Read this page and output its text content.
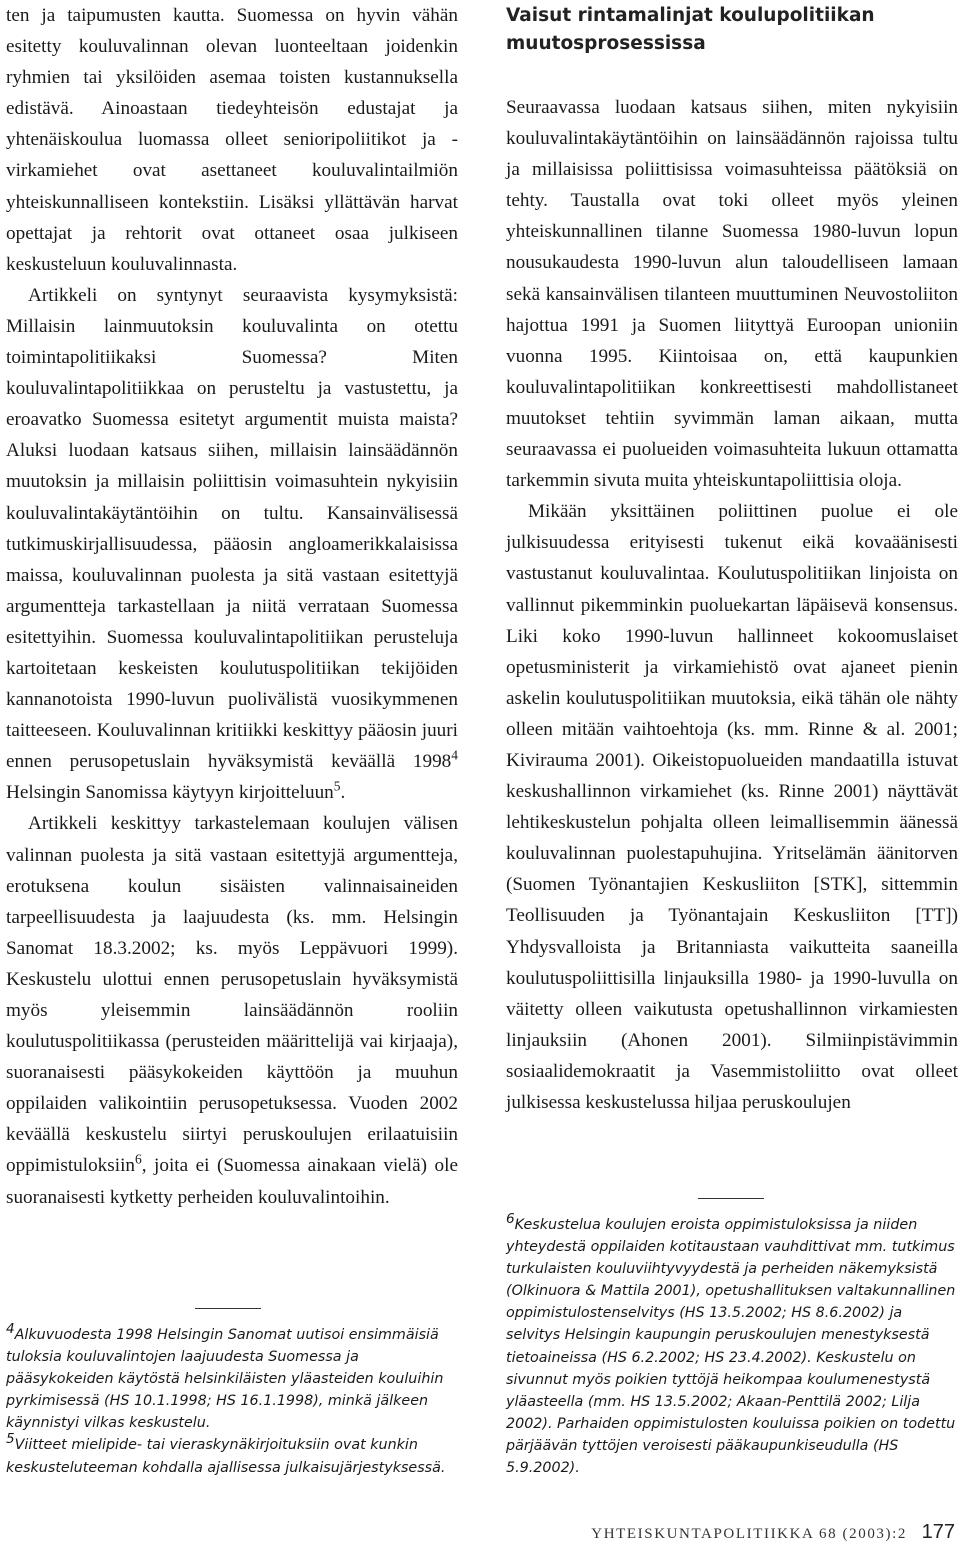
ten ja taipumusten kautta. Suomessa on hyvin vähän esitetty kouluvalinnan olevan luonteeltaan joidenkin ryhmien tai yksilöiden asemaa toisten kustannuksella edistävä. Ainoastaan tiedeyhteisön edustajat ja yhtenäiskoulua luomassa olleet senioripoliitikot ja -virkamiehet ovat asettaneet kouluvalintailmiön yhteiskunnalliseen kontekstiin. Lisäksi yllättävän harvat opettajat ja rehtorit ovat ottaneet osaa julkiseen keskusteluun kouluvalinnasta.

Artikkeli on syntynyt seuraavista kysymyksistä: Millaisin lainmuutoksin kouluvalinta on otettu toimintapolitiikaksi Suomessa? Miten kouluvalintapolitiikkaa on perusteltu ja vastustettu, ja eroavatko Suomessa esitetyt argumentit muista maista? Aluksi luodaan katsaus siihen, millaisin lainsäädännön muutoksin ja millaisin poliittisin voimasuhtein nykyisiin kouluvalintakäytäntöihin on tultu. Kansainvälisessä tutkimuskirjallisuudessa, pääosin angloamerikkalaisissa maissa, kouluvalinnan puolesta ja sitä vastaan esitettyjä argumentteja tarkastellaan ja niitä verrataan Suomessa esitettyihin. Suomessa kouluvalintapolitiikan perusteluja kartoitetaan keskeisten koulutuspolitiikan tekijöiden kannanotoista 1990-luvun puolivälistä vuosikymmenen taitteeseen. Kouluvalinnan kritiikki keskittyy pääosin juuri ennen perusopetuslain hyväksymistä keväällä 1998$^4$ Helsingin Sanomissa käytyyn kirjoitteluun$^5$.

Artikkeli keskittyy tarkastelemaan koulujen välisen valinnan puolesta ja sitä vastaan esitettyjä argumentteja, erotuksena koulun sisäisten valinnaisaineiden tarpeellisuudesta ja laajuudesta (ks. mm. Helsingin Sanomat 18.3.2002; ks. myös Leppävuori 1999). Keskustelu ulottui ennen perusopetuslain hyväksymistä myös yleisemmin lainsäädännön rooliin koulutuspolitiikassa (perusteiden määrittelijä vai kirjaaja), suoranaisesti pääsykokeiden käyttöön ja muuhun oppilaiden valikointiin perusopetuksessa. Vuoden 2002 keväällä keskustelu siirtyi peruskoulujen erilaatuisiin oppimistuloksiin$^6$, joita ei (Suomessa ainakaan vielä) ole suoranaisesti kytketty perheiden kouluvalintoihin.

4Alkuvuodesta 1998 Helsingin Sanomat uutisoi ensimmäisiä tuloksia kouluvalintojen laajuudesta Suomessa ja pääsykokeiden käytöstä helsinkiläisten yläasteiden kouluihin pyrkimisessä (HS 10.1.1998; HS 16.1.1998), minkä jälkeen käynnistyi vilkas keskustelu.

5Viitteet mielipide- tai vieraskynäkirjoituksiin ovat kunkin keskusteluteeman kohdalla ajallisessa julkaisujärjestyksessä.

Vaisut rintamalinjat koulupolitiikan muutosprosessissa

Seuraavassa luodaan katsaus siihen, miten nykyisiin kouluvalintakäytäntöihin on lainsäädännön rajoissa tultu ja millaisissa poliittisissa voimasuhteissa päätöksiä on tehty. Taustalla ovat toki olleet myös yleinen yhteiskunnallinen tilanne Suomessa 1980-luvun lopun nousukaudesta 1990-luvun alun taloudelliseen lamaan sekä kansainvälisen tilanteen muuttuminen Neuvostoliiton hajottua 1991 ja Suomen liityttyä Euroopan unioniin vuonna 1995. Kiintoisaa on, että kaupunkien kouluvalintapolitiikan konkreettisesti mahdollistaneet muutokset tehtiin syvimmän laman aikaan, mutta seuraavassa ei puolueiden voimasuhteita lukuun ottamatta tarkemmin sivuta muita yhteiskuntapoliittisia oloja.

Mikään yksittäinen poliittinen puolue ei ole julkisuudessa erityisesti tukenut eikä kovaäänisesti vastustanut kouluvalintaa. Koulutuspolitiikan linjoista on vallinnut pikemminkin puoluekartan läpäisevä konsensus. Liki koko 1990-luvun hallinneet kokoomuslaiset opetusministerit ja virkamiehistö ovat ajaneet pienin askelin koulutuspolitiikan muutoksia, eikä tähän ole nähty olleen mitään vaihtoehtoja (ks. mm. Rinne & al. 2001; Kivirauma 2001). Oikeistopuolueiden mandaatilla istuvat keskushallinnon virkamiehet (ks. Rinne 2001) näyttävät lehtikeskustelun pohjalta olleen leimallisemmin äänessä kouluvalinnan puolestapuhujina. Yritselämän äänitorven (Suomen Työnantajien Keskusliiton [STK], sittemmin Teollisuuden ja Työnantajain Keskusliiton [TT]) Yhdysvalloista ja Britanniasta vaikutteita saaneilla koulutuspoliittisilla linjauksilla 1980- ja 1990-luvulla on väitetty olleen vaikutusta opetushallinnon virkamiesten linjauksiin (Ahonen 2001). Silmiinpistävimmin sosiaalidemokraatit ja Vasemmistoliitto ovat olleet julkisessa keskustelussa hiljaa peruskoulujen

6Keskustelua koulujen eroista oppimistuloksissa ja niiden yhteydestä oppilaiden kotitaustaan vauhdittivat mm. tutkimus turkulaisten kouluviihtyvyydestä ja perheiden näkemyksistä (Olkinuora & Mattila 2001), opetushallituksen valtakunnallinen oppimistulostenselvitys (HS 13.5.2002; HS 8.6.2002) ja selvitys Helsingin kaupungin peruskoulujen menestyksestä tietoaineissa (HS 6.2.2002; HS 23.4.2002). Keskustelu on sivunnut myös poikien tyttöjä heikompaa koulumenestystä yläasteella (mm. HS 13.5.2002; Akaan-Penttilä 2002; Lilja 2002). Parhaiden oppimistulosten kouluissa poikien on todettu pärjäävän tyttöjen veroisesti pääkaupunkiseudulla (HS 5.9.2002).

YHTEISKUNTAPOLITIIKKA 68 (2003):2 177
